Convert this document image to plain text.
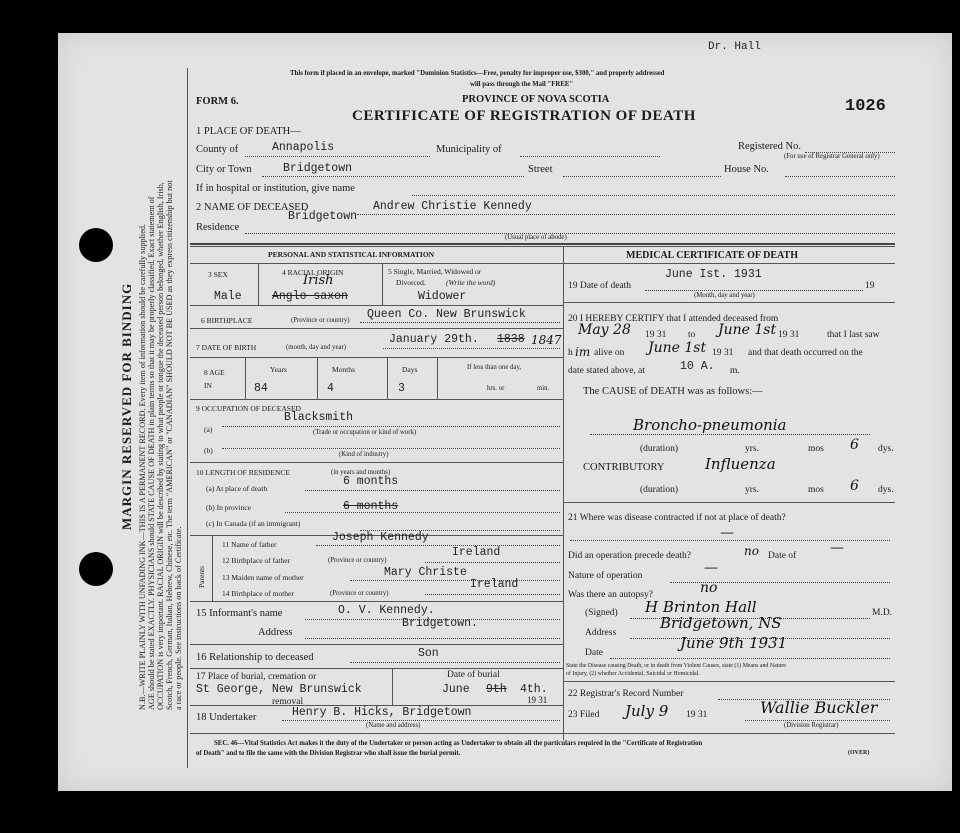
MARGIN RESERVED FOR BINDING N.B.—WRITE PLAINLY WITH UNFADING INK—THIS IS A PERMANENT RECORD. Every item of information should be carefully supplied. AGE should be stated EXACTLY. PHYSICIANS should STATE CAUSE OF DEATH in plain terms so that it may be properly classified. Exact statement of OCCUPATION is very important. RACIAL ORIGIN will be described by stating to what people or tongue the deceased person belonged, whether English, Irish, Scotch, French, German, Italian, Hebrew, Chinese, etc. The term "AMERICAN" or "CANADIAN" SHOULD NOT BE USED as they express citizenship but not a race or people. See instructions on back of Certificate.
Dr. Hall
This form if placed in an envelope, marked "Dominion Statistics—Free, penalty for improper use, $300," and properly addressed
will pass through the Mail "FREE"
FORM 6.	PROVINCE OF NOVA SCOTIA
CERTIFICATE OF REGISTRATION OF DEATH	1026
1 PLACE OF DEATH—
County of	Annapolis	Municipality of	Registered No.
(For use of Registrar General only)
City or Town	Bridgetown	Street	House No.
If in hospital or institution, give name
2 NAME OF DECEASED	Andrew Christie Kennedy
Bridgetown
Residence
(Usual place of abode)
PERSONAL AND STATISTICAL INFORMATION
3 SEX
Male
4 RACIAL ORIGIN
Irish
Anglo saxon
5 Single, Married, Widowed or
Divorced.	(Write the word)
Widower
6 BIRTHPLACE	(Province or country) Queen Co. New Brunswick
7 DATE OF BIRTH	(month, day and year)
January 29th. 1838 1847
8 AGE IN
Years	Months	Days
84	4	3
If less than one day,
hrs. or	min.
9 OCCUPATION OF DECEASED
Blacksmith
(a)	(Trade or occupation or kind of work)
(b)	(Kind of industry)
10 LENGTH OF RESIDENCE	(in years and months)
(a) At place of death
6 months
(b) In province	6 months
(c) In Canada (if an immigrant)
Parents
11 Name of father
Joseph Kennedy
12 Birthplace of father	(Province or country)
Ireland
13 Maiden name of mother	Mary Christe
14 Birthplace of mother	(Province or country)
Ireland
15 Informant's name	O. V. Kennedy.
Address
Bridgetown.
16 Relationship to deceased	Son
17 Place of burial, cremation or
St George, New Brunswick
removal
Date of burial
June 9th 4th.
19 31
18 Undertaker	Henry B. Hicks, Bridgetown
(Name and address)
MEDICAL CERTIFICATE OF DEATH
19 Date of death
June Ist. 1931
19
(Month, day and year)
20 I HEREBY CERTIFY that I attended deceased from
May 28 19 31 to June 1st 19 31	that I last saw
h im alive on June 1st 19 31 and that death occurred on the
date stated above, at	10 A. m.
The CAUSE of DEATH was as follows:—
Broncho-pneumonia
(duration)	yrs.	mos 6 dys.
CONTRIBUTORY	Influenza
(duration)	yrs.	mos 6 dys.
21 Where was disease contracted if not at place of death?
—
Did an operation precede death?	no Date of —
Nature of operation	—
Was there an autopsy?	no
(Signed) H Brinton Hall	M.D.
Address
Bridgetown, NS
Date
June 9th 1931
State the Disease causing Death, or in death from Violent Causes, state (1) Means and Nature
of Injury, (2) whether Accidental, Suicidal or Homicidal.
22 Registrar's Record Number
23 Filed July 9 19 31	Wallie Buckler
(Division Registrar)
SEC. 46—Vital Statistics Act makes it the duty of the Undertaker or person acting as Undertaker to obtain all the particulars required in the "Certificate of Registration
of Death" and to file the same with the Division Registrar who shall issue the burial permit.	(OVER)
